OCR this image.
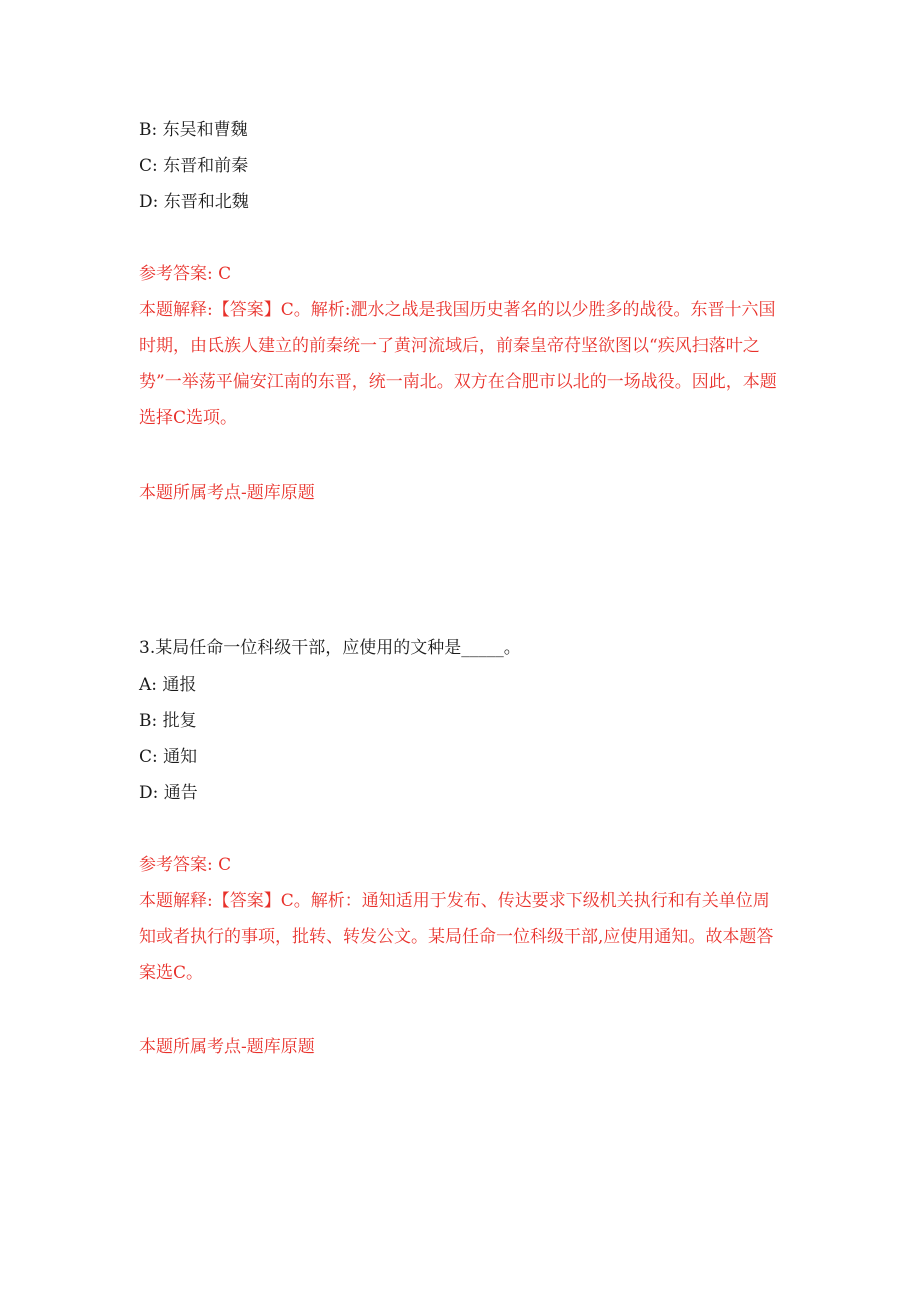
B: 东吴和曹魏
C: 东晋和前秦
D: 东晋和北魏
参考答案: C
本题解释:【答案】C。解析:淝水之战是我国历史著名的以少胜多的战役。东晋十六国时期，由氐族人建立的前秦统一了黄河流域后，前秦皇帝苻坚欲图以“疾风扫落叶之势”一举荡平偏安江南的东晋，统一南北。双方在合肥市以北的一场战役。因此，本题选择C选项。
本题所属考点-题库原题
3.某局任命一位科级干部，应使用的文种是_____。
A: 通报
B: 批复
C: 通知
D: 通告
参考答案: C
本题解释:【答案】C。解析：通知适用于发布、传达要求下级机关执行和有关单位周知或者执行的事项，批转、转发公文。某局任命一位科级干部,应使用通知。故本题答案选C。
本题所属考点-题库原题
